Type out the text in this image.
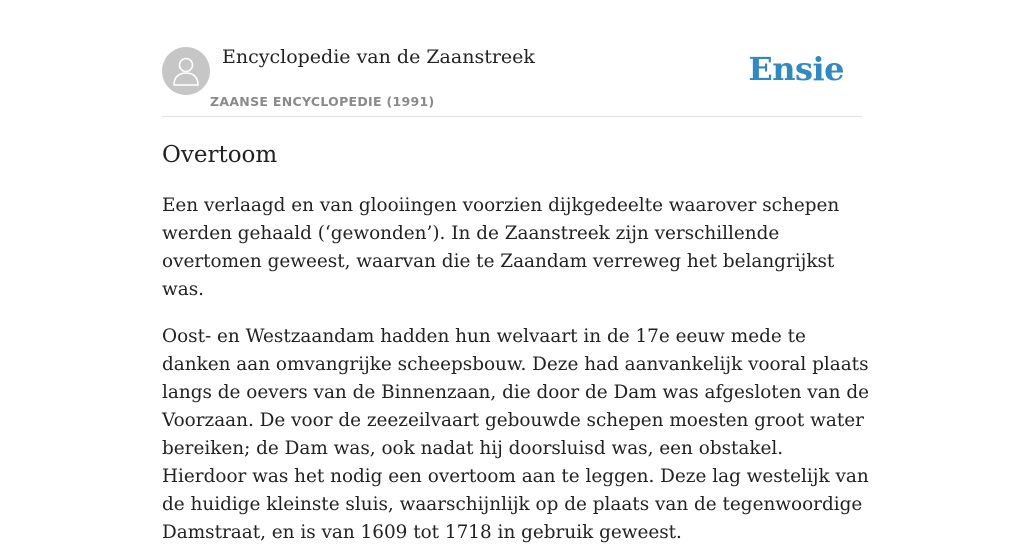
Encyclopedie van de Zaanstreek
ZAANSE ENCYCLOPEDIE (1991)
Ensie
Overtoom

Een verlaagd en van glooiingen voorzien dijkgedeelte waarover schepen werden gehaald (‘gewonden’). In de Zaanstreek zijn verschillende overtomen geweest, waarvan die te Zaandam verreweg het belangrijkst was.

Oost- en Westzaandam hadden hun welvaart in de 17e eeuw mede te danken aan omvangrijke scheepsbouw. Deze had aanvankelijk vooral plaats langs de oevers van de Binnenzaan, die door de Dam was afgesloten van de Voorzaan. De voor de zeezeilvaart gebouwde schepen moesten groot water bereiken; de Dam was, ook nadat hij doorsluisd was, een obstakel. Hierdoor was het nodig een overtoom aan te leggen. Deze lag westelijk van de huidige kleinste sluis, waarschijnlijk op de plaats van de tegenwoordige Damstraat, en is van 1609 tot 1718 in gebruik geweest.
